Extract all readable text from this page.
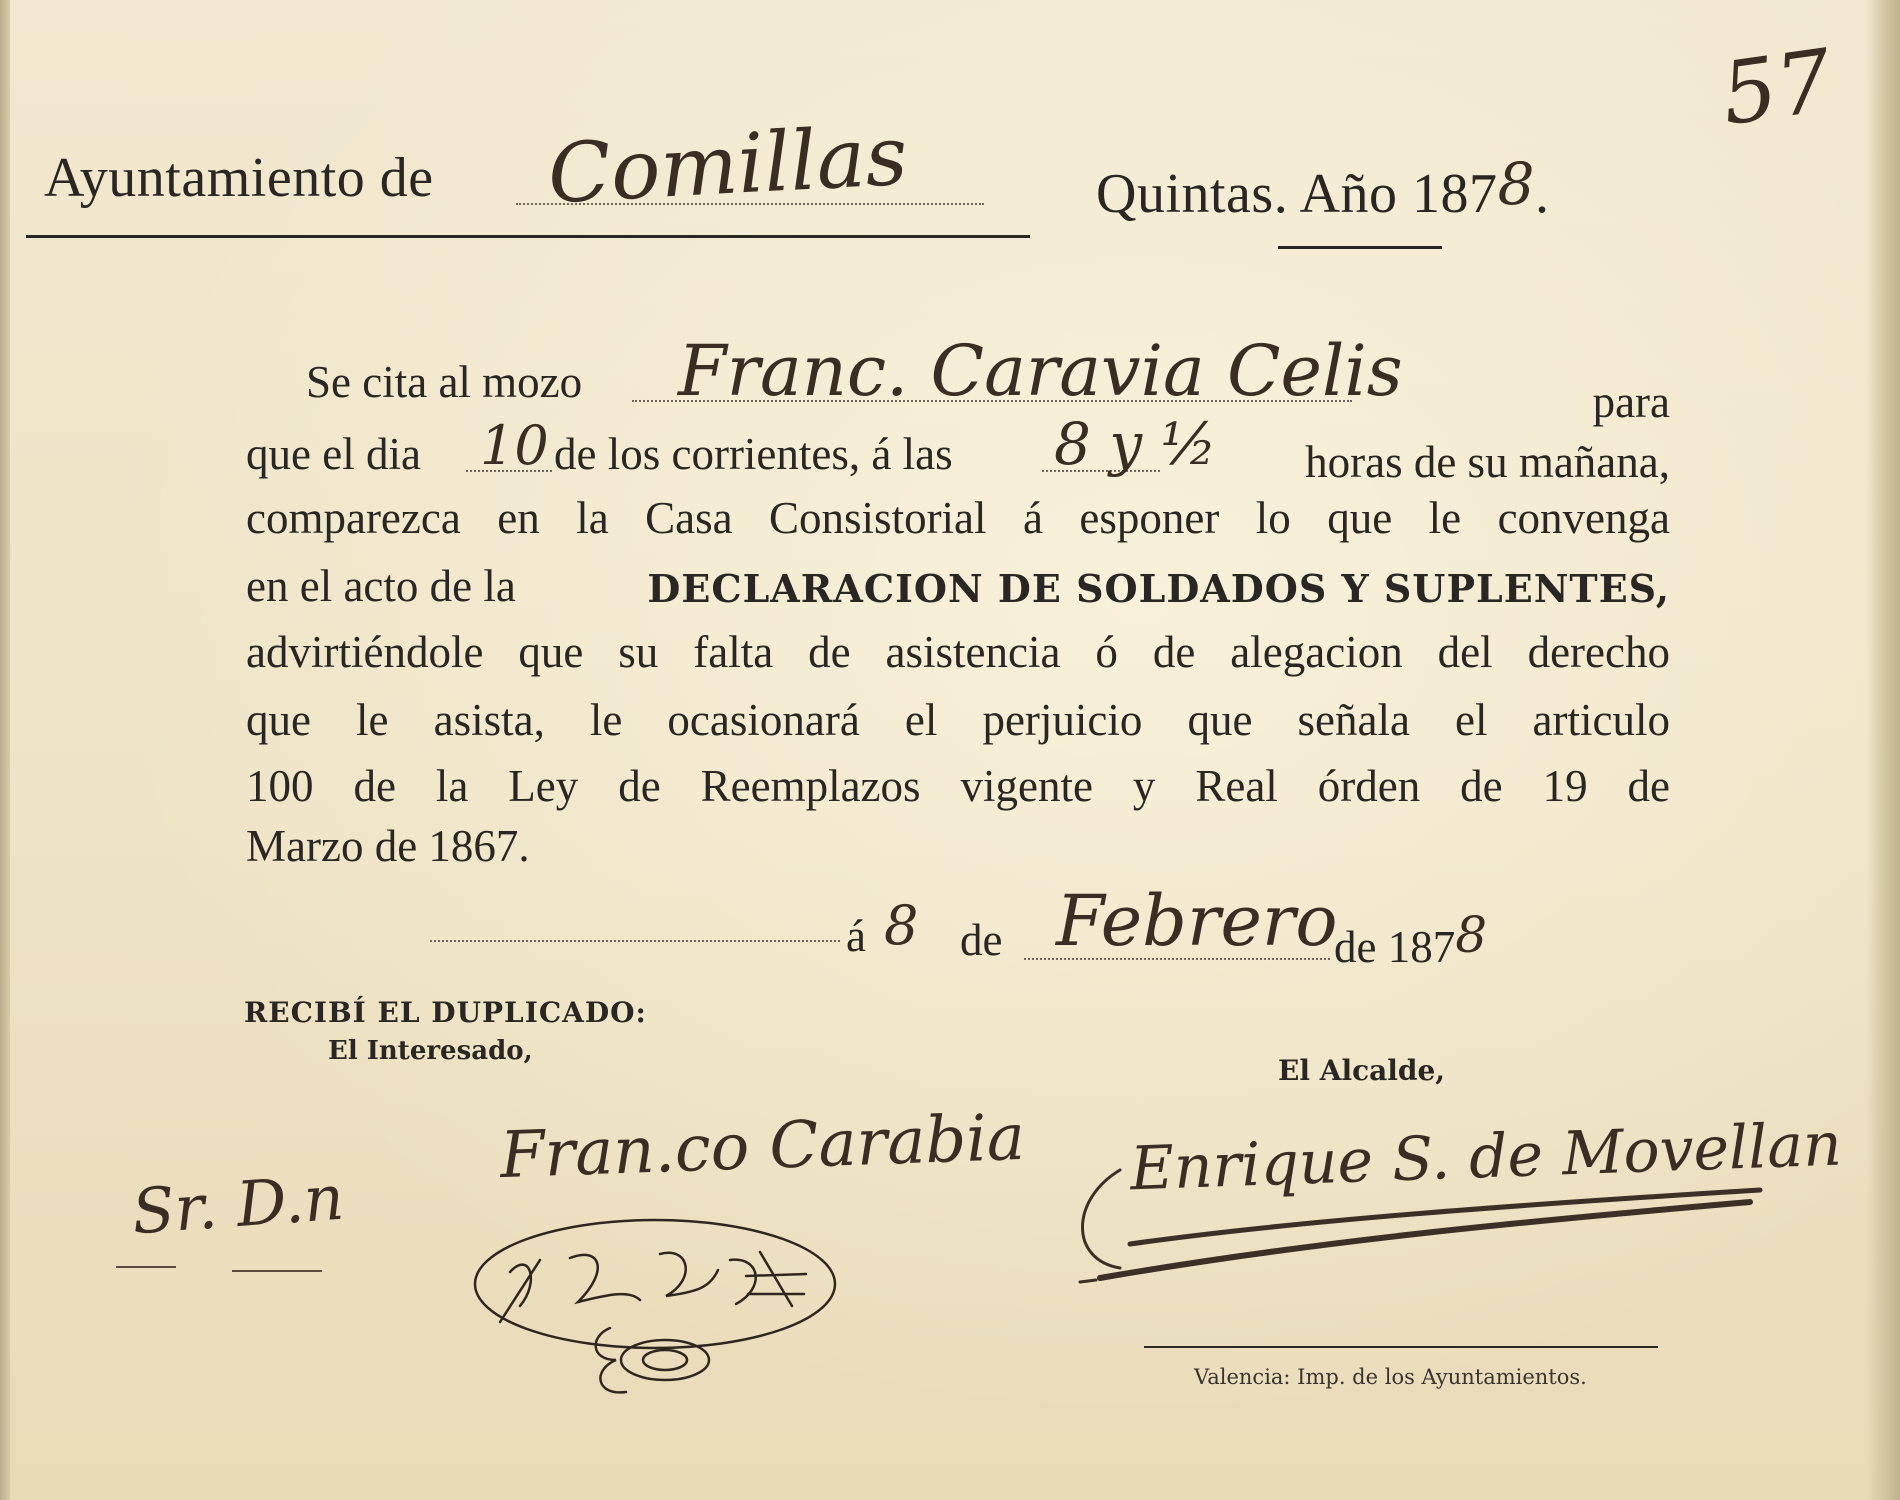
57
Ayuntamiento de Comillas	Quintas. Año 1878.
Se cita al mozo Franc. Caravia Celis	para
que el dia 10 de los corrientes, á las 8 y ½ horas de su mañana,
comparezca en la Casa Consistorial á esponer lo que le convenga
en el acto de la	DECLARACION DE SOLDADOS Y SUPLENTES,
advirtiéndole que su falta de asistencia ó de alegacion del derecho
que le asista, le ocasionará el perjuicio que señala el articulo
100 de la Ley de Reemplazos vigente y Real órden de 19 de
Marzo de 1867.
á 8 de Febrero
de 1878
RECIBÍ EL DUPLICADO:
El Interesado,
Sr. D.n
Fran.co Carabia
El Alcalde,
Enrique S. de Movellan
Valencia: Imp. de los Ayuntamientos.
